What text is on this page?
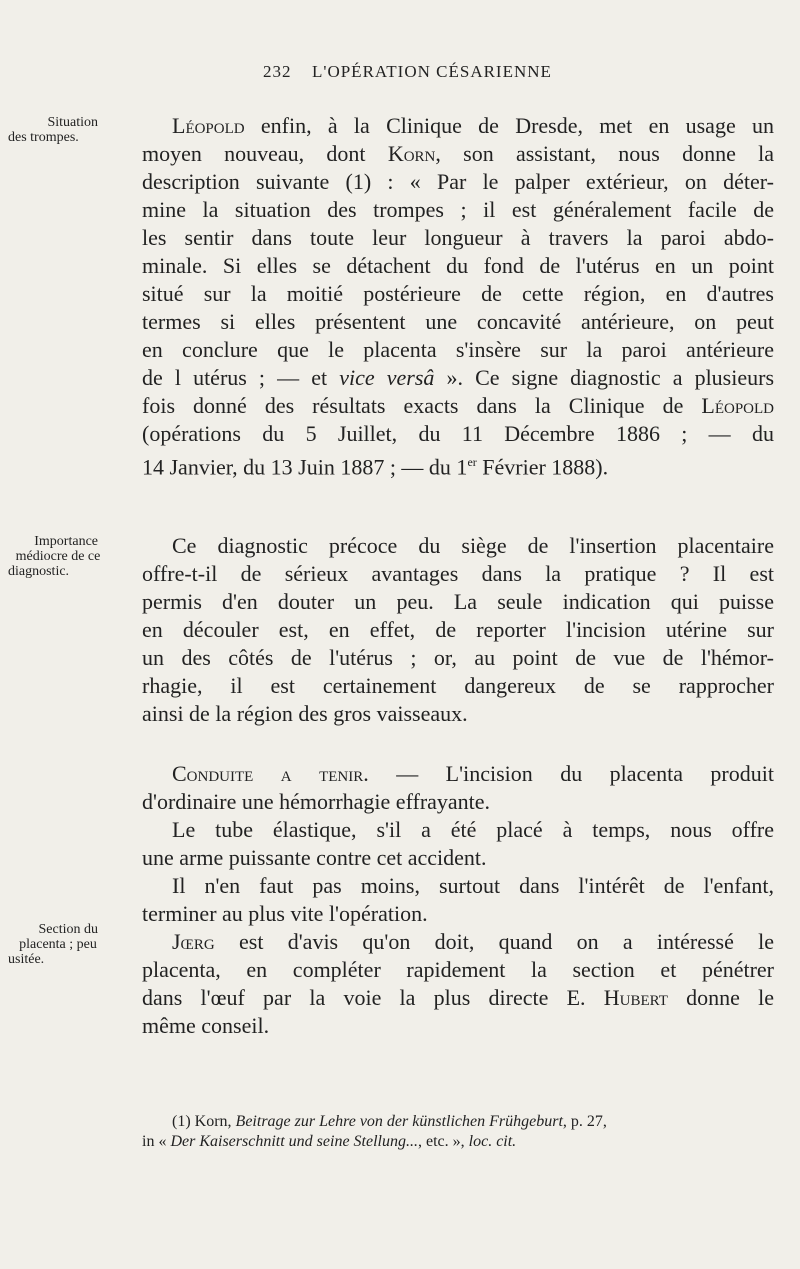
232 L'OPÉRATION CÉSARIENNE
Situation
des trompes.
Importance
médiocre de ce
diagnostic.
Section du
placenta ; peu
usitée.
Léopold enfin, à la Clinique de Dresde, met en usage un
moyen nouveau, dont Korn, son assistant, nous donne la
description suivante (1) : « Par le palper extérieur, on déter-
mine la situation des trompes ; il est généralement facile de
les sentir dans toute leur longueur à travers la paroi abdo-
minale. Si elles se détachent du fond de l'utérus en un point
situé sur la moitié postérieure de cette région, en d'autres
termes si elles présentent une concavité antérieure, on peut
en conclure que le placenta s'insère sur la paroi antérieure
de l utérus ; — et vice versâ ». Ce signe diagnostic a plusieurs
fois donné des résultats exacts dans la Clinique de Léopold
(opérations du 5 Juillet, du 11 Décembre 1886 ; — du
14 Janvier, du 13 Juin 1887 ; — du 1er Février 1888).
Ce diagnostic précoce du siège de l'insertion placentaire
offre-t-il de sérieux avantages dans la pratique ? Il est
permis d'en douter un peu. La seule indication qui puisse
en découler est, en effet, de reporter l'incision utérine sur
un des côtés de l'utérus ; or, au point de vue de l'hémor-
rhagie, il est certainement dangereux de se rapprocher
ainsi de la région des gros vaisseaux.
Conduite a tenir. — L'incision du placenta produit
d'ordinaire une hémorrhagie effrayante.
Le tube élastique, s'il a été placé à temps, nous offre
une arme puissante contre cet accident.
Il n'en faut pas moins, surtout dans l'intérêt de l'enfant,
terminer au plus vite l'opération.
Jœrg est d'avis qu'on doit, quand on a intéressé le
placenta, en compléter rapidement la section et pénétrer
dans l'œuf par la voie la plus directe E. Hubert donne le
même conseil.
(1) Korn, Beitrage zur Lehre von der künstlichen Frühgeburt, p. 27,
in « Der Kaiserschnitt und seine Stellung..., etc. », loc. cit.
